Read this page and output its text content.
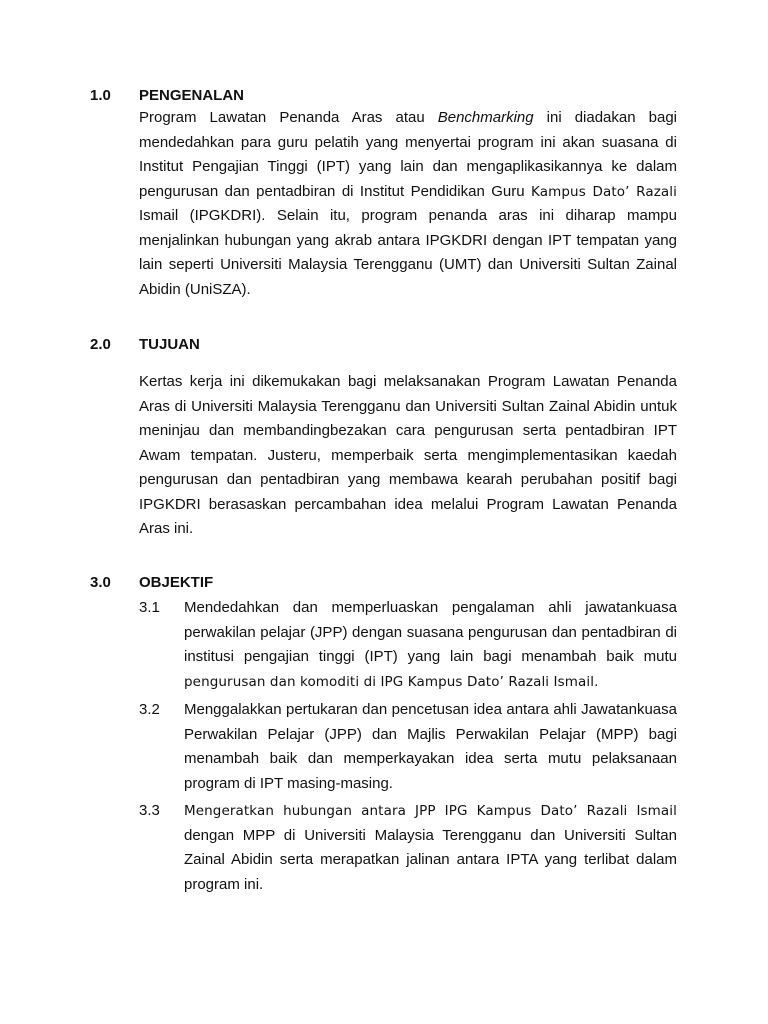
1.0 PENGENALAN

Program Lawatan Penanda Aras atau Benchmarking ini diadakan bagi mendedahkan para guru pelatih yang menyertai program ini akan suasana di Institut Pengajian Tinggi (IPT) yang lain dan mengaplikasikannya ke dalam pengurusan dan pentadbiran di Institut Pendidikan Guru Kampus Dato’ Razali Ismail (IPGKDRI). Selain itu, program penanda aras ini diharap mampu menjalinkan hubungan yang akrab antara IPGKDRI dengan IPT tempatan yang lain seperti Universiti Malaysia Terengganu (UMT) dan Universiti Sultan Zainal Abidin (UniSZA).

2.0 TUJUAN

Kertas kerja ini dikemukakan bagi melaksanakan Program Lawatan Penanda Aras di Universiti Malaysia Terengganu dan Universiti Sultan Zainal Abidin untuk meninjau dan membandingbezakan cara pengurusan serta pentadbiran IPT Awam tempatan. Justeru, memperbaik serta mengimplementasikan kaedah pengurusan dan pentadbiran yang membawa kearah perubahan positif bagi IPGKDRI berasaskan percambahan idea melalui Program Lawatan Penanda Aras ini.

3.0 OBJEKTIF
3.1 Mendedahkan dan memperluaskan pengalaman ahli jawatankuasa perwakilan pelajar (JPP) dengan suasana pengurusan dan pentadbiran di institusi pengajian tinggi (IPT) yang lain bagi menambah baik mutu pengurusan dan komoditi di IPG Kampus Dato’ Razali Ismail.

3.2 Menggalakkan pertukaran dan pencetusan idea antara ahli Jawatankuasa Perwakilan Pelajar (JPP) dan Majlis Perwakilan Pelajar (MPP) bagi menambah baik dan memperkayakan idea serta mutu pelaksanaan program di IPT masing-masing.

3.3 Mengeratkan hubungan antara JPP IPG Kampus Dato’ Razali Ismail dengan MPP di Universiti Malaysia Terengganu dan Universiti Sultan Zainal Abidin serta merapatkan jalinan antara IPTA yang terlibat dalam program ini.
